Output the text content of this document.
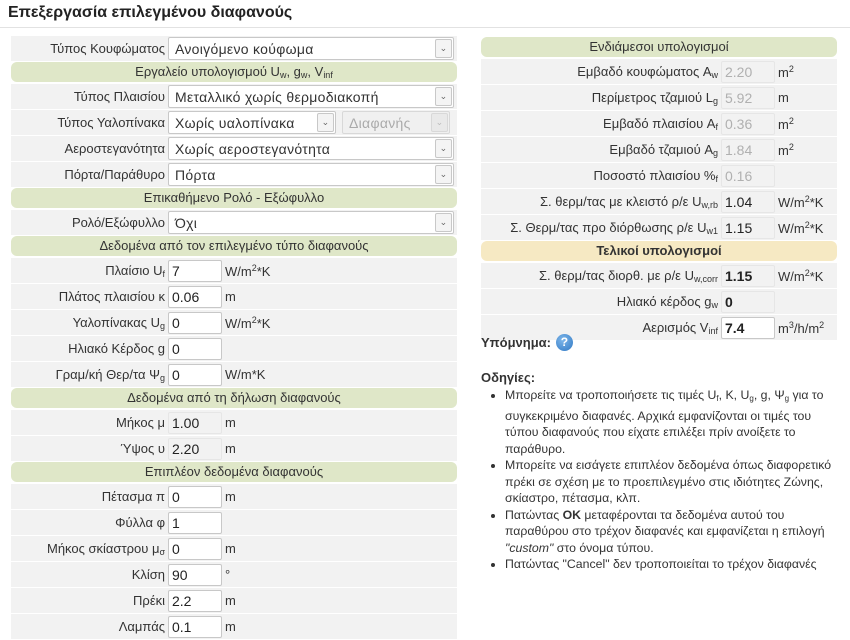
Επεξεργασία επιλεγμένου διαφανούς
Τύπος Κουφώματος Ανοιγόμενο κούφωμα	⌄
Εργαλείο υπολογισμού $U_w$, $g_w$, $V_{inf}$
Τύπος Πλαισίου Μεταλλικό χωρίς θερμοδιακοπή	⌄
Τύπος Υαλοπίνακα Χωρίς υαλοπίνακα	⌄	Διαφανής	⌄
Αεροστεγανότητα Χωρίς αεροστεγανότητα	⌄
Πόρτα/Παράθυρο Πόρτα	⌄
Επικαθήμενο Ρολό - Εξώφυλλο
Ρολό/Εξώφυλλο Όχι	⌄
Δεδομένα από τον επιλεγμένο τύπο διαφανούς
Πλαίσιο $U_f$ 7	$W/m^2*K$
Πλάτος πλαισίου κ 0.06	m
Υαλοπίνακας $U_g$ 0	$W/m^2*K$
Ηλιακό Κέρδος g 0
Γραμ/κή Θερ/τα $\Psi_g$ 0	W/m*K
Δεδομένα από τη δήλωση διαφανούς
Μήκος μ 1.00	m
Ύψος υ 2.20	m
Επιπλέον δεδομένα διαφανούς
Πέτασμα π 0	m
Φύλλα φ 1
Μήκος σκίαστρου $\mu_\sigma$ 0	m
Κλίση 90	°
Πρέκι 2.2	m
Λαμπάς 0.1	m
Ενδιάμεσοι υπολογισμοί
Εμβαδό κουφώματος $A_w$ 2.20	$m^2$
Περίμετρος τζαμιού $L_g$ 5.92	m
Εμβαδό πλαισίου $A_f$ 0.36	$m^2$
Εμβαδό τζαμιού $A_g$ 1.84	$m^2$
Ποσοστό πλαισίου $\%_f$ 0.16
Σ. θερμ/τας με κλειστό ρ/ε $U_{w,rb}$ 1.04	$W/m^2*K$
Σ. Θερμ/τας προ διόρθωσης ρ/ε $U_{w1}$ 1.15	$W/m^2*K$
Τελικοί υπολογισμοί
Σ. θερμ/τας διορθ. με ρ/ε $U_{w,corr}$ 1.15	$W/m^2*K$
Ηλιακό κέρδος $g_w$ 0
Αερισμός $V_{inf}$ 7.4	$m^3/h/m^2$
Υπόμνημα: ?
Οδηγίες:
• Μπορείτε να τροποποιήσετε τις τιμές $U_f$, K, $U_g$, g, $\Psi_g$ για το συγκεκριμένο διαφανές. Αρχικά εμφανίζονται οι τιμές του τύπου διαφανούς που είχατε επιλέξει πρίν ανοίξετε το παράθυρο.
• Μπορείτε να εισάγετε επιπλέον δεδομένα όπως διαφορετικό πρέκι σε σχέση με το προεπιλεγμένο στις ιδιότητες Ζώνης, σκίαστρο, πέτασμα, κλπ.
• Πατώντας OK μεταφέρονται τα δεδομένα αυτού του παραθύρου στο τρέχον διαφανές και εμφανίζεται η επιλογή "custom" στο όνομα τύπου.
• Πατώντας "Cancel" δεν τροποποιείται το τρέχον διαφανές
